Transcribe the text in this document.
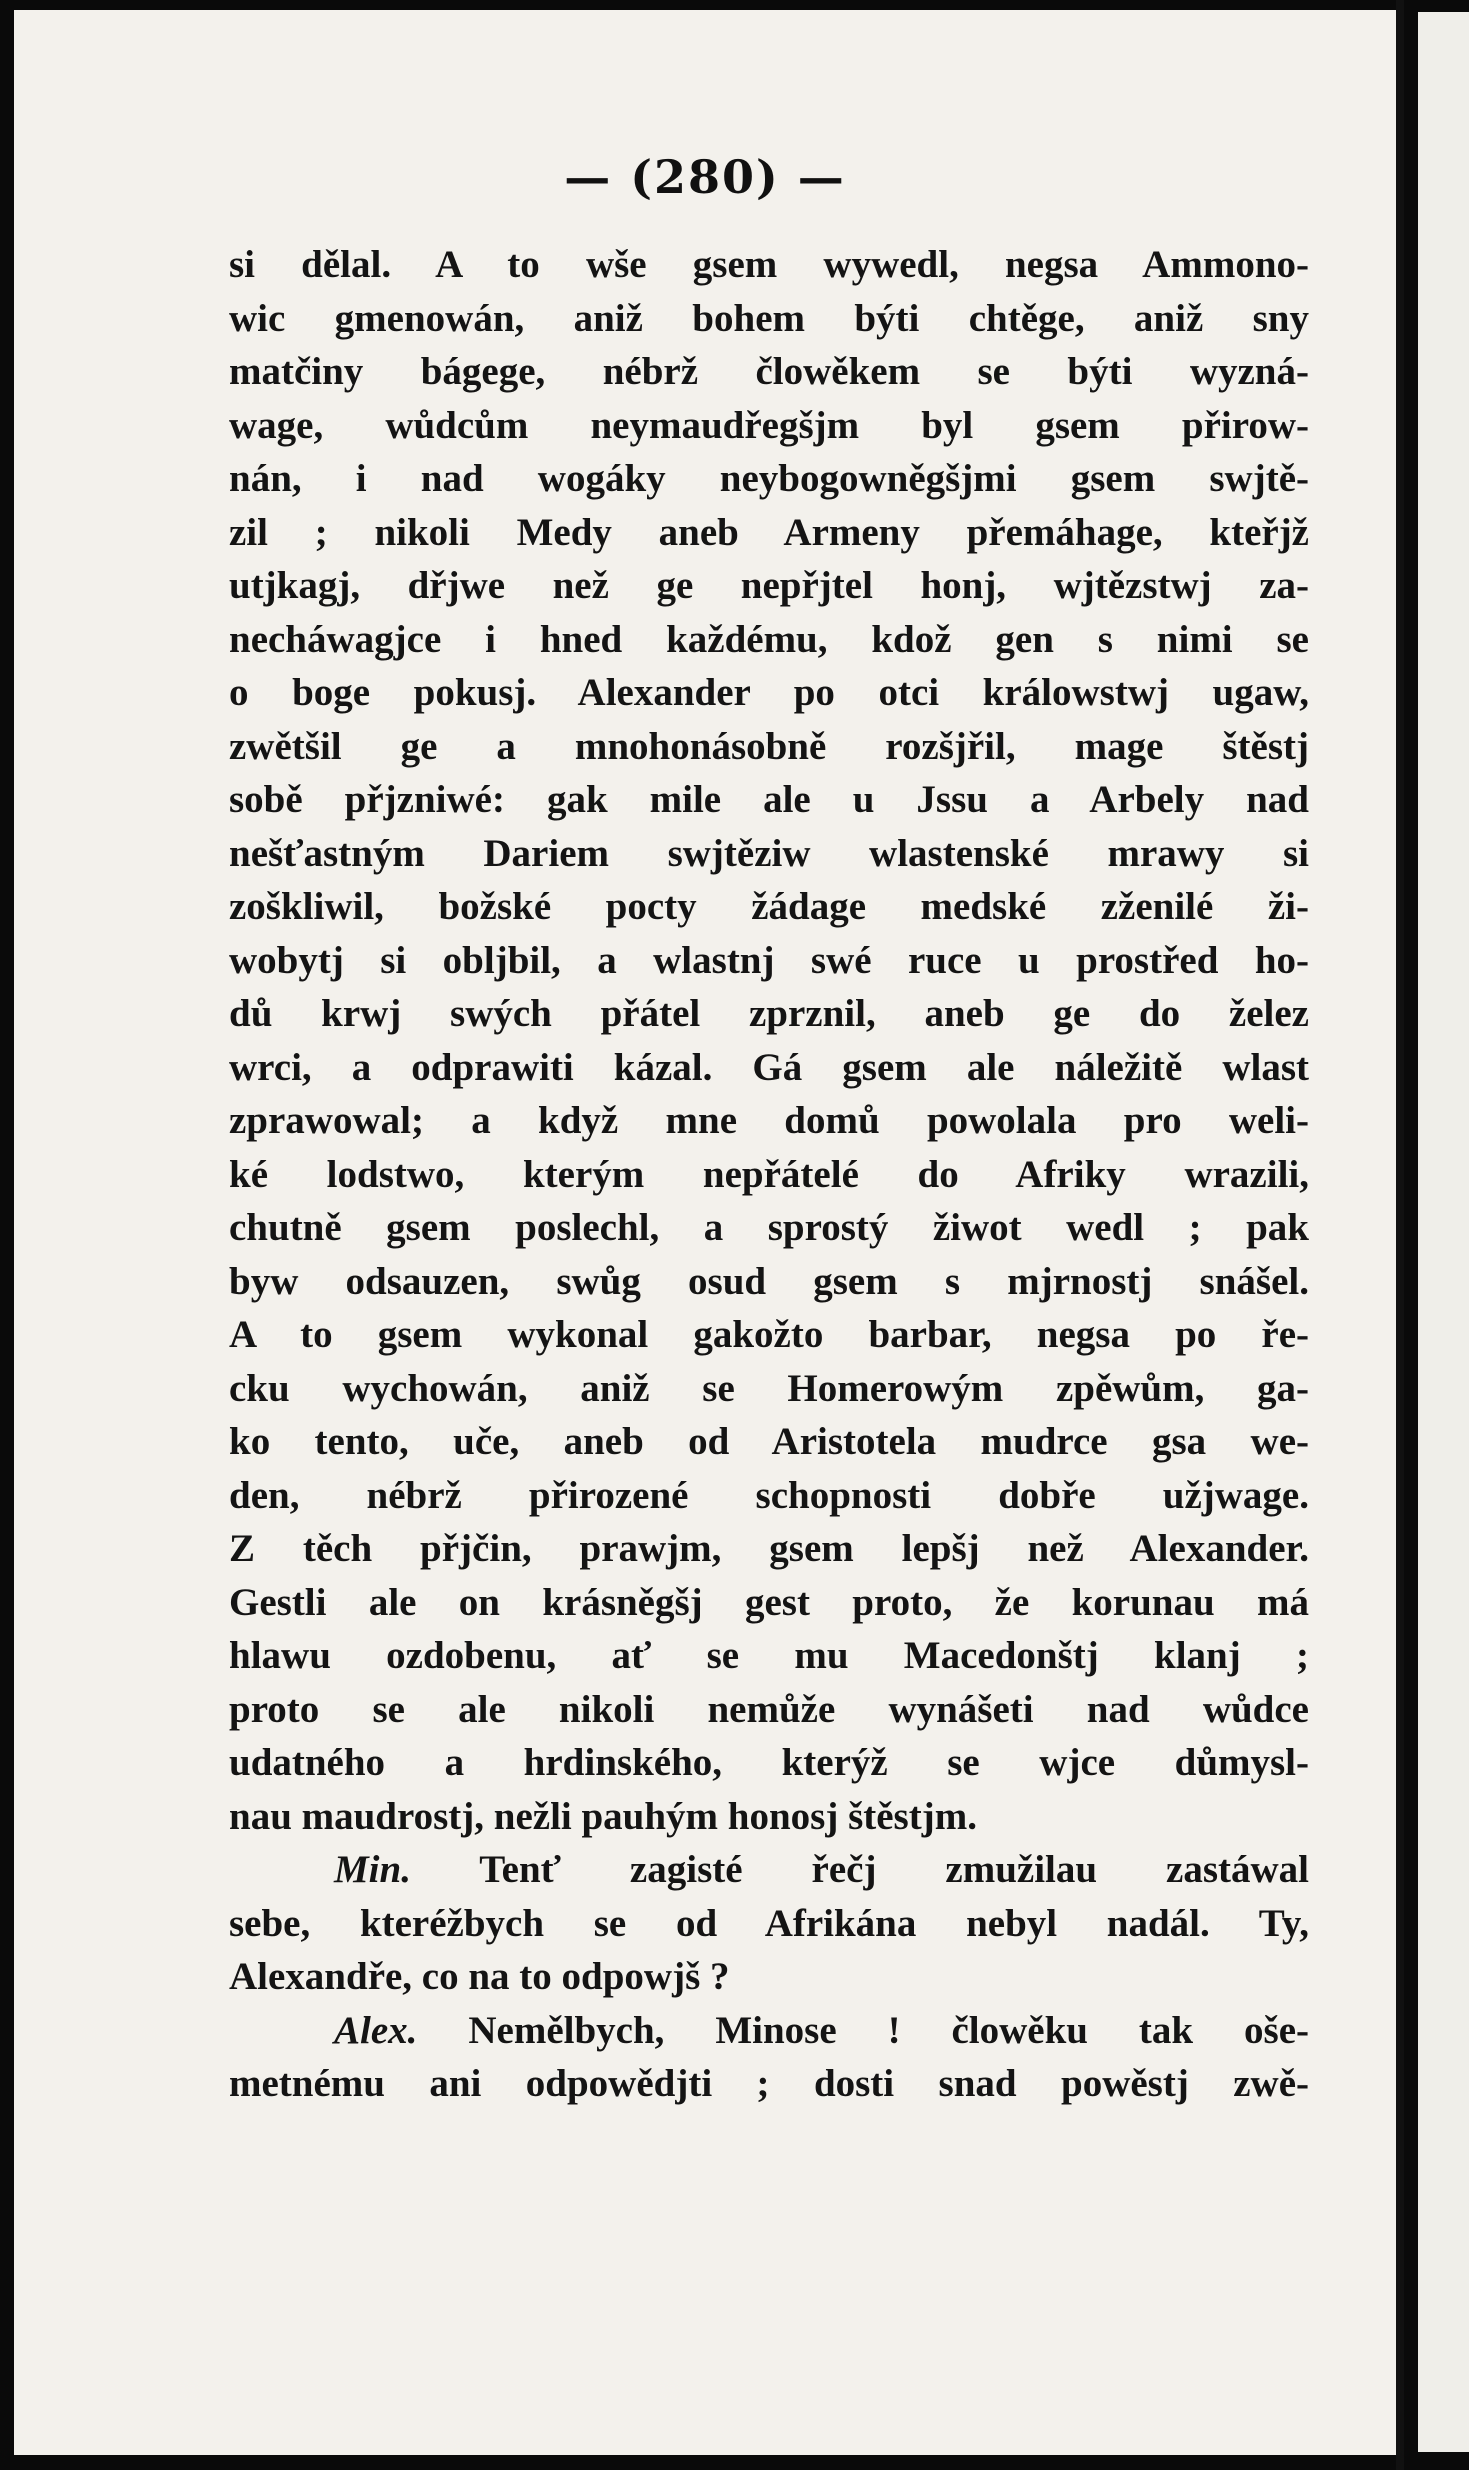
— (280) —
si dělal. A to wše gsem wywedl, negsa Ammono-
wic gmenowán, aniž bohem býti chtěge, aniž sny
matčiny bágege, nébrž člowěkem se býti wyzná-
wage, wůdcům neymaudřegšjm byl gsem přirow-
nán, i nad wogáky neybogowněgšjmi gsem swjtě-
zil ; nikoli Medy aneb Armeny přemáhage, kteřjž
utjkagj, dřjwe než ge nepřjtel honj, wjtězstwj za-
necháwagjce i hned každému, kdož gen s nimi se
o boge pokusj. Alexander po otci králowstwj ugaw,
zwětšil ge a mnohonásobně rozšjřil, mage štěstj
sobě přjzniwé: gak mile ale u Jssu a Arbely nad
nešťastným Dariem swjtěziw wlastenské mrawy si
zoškliwil, božské pocty žádage medské zženilé ži-
wobytj si obljbil, a wlastnj swé ruce u prostřed ho-
dů krwj swých přátel zprznil, aneb ge do želez
wrci, a odprawiti kázal. Gá gsem ale náležitě wlast
zprawowal; a když mne domů powolala pro weli-
ké lodstwo, kterým nepřátelé do Afriky wrazili,
chutně gsem poslechl, a sprostý žiwot wedl ; pak
byw odsauzen, swůg osud gsem s mjrnostj snášel.
A to gsem wykonal gakožto barbar, negsa po ře-
cku wychowán, aniž se Homerowým zpěwům, ga-
ko tento, uče, aneb od Aristotela mudrce gsa we-
den, nébrž přirozené schopnosti dobře užjwage.
Z těch přjčin, prawjm, gsem lepšj než Alexander.
Gestli ale on krásněgšj gest proto, že korunau má
hlawu ozdobenu, ať se mu Macedonštj klanj ;
proto se ale nikoli nemůže wynášeti nad wůdce
udatného a hrdinského, kterýž se wjce důmysl-
nau maudrostj, nežli pauhým honosj štěstjm.
Min. Tenť zagisté řečj zmužilau zastáwal
sebe, kteréžbych se od Afrikána nebyl nadál. Ty,
Alexandře, co na to odpowjš ?
Alex. Nemělbych, Minose ! člowěku tak oše-
metnému ani odpowědjti ; dosti snad powěstj zwě-
